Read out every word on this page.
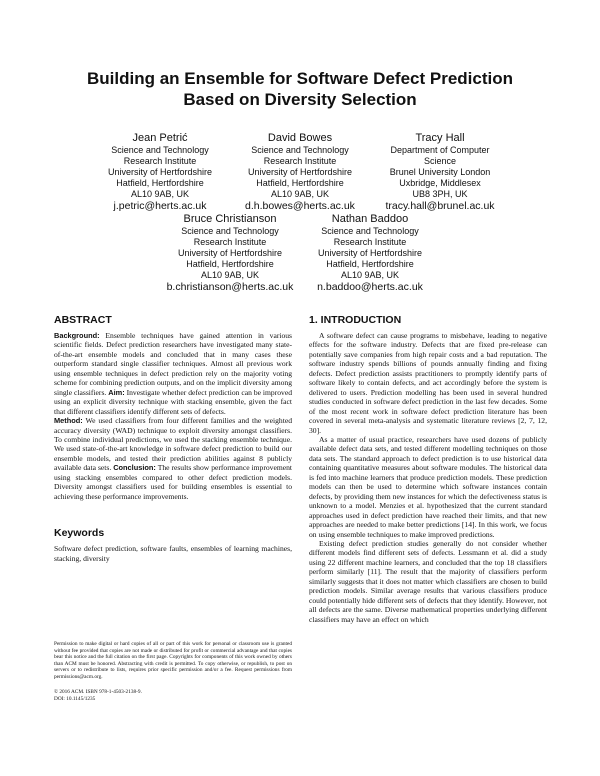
Building an Ensemble for Software Defect Prediction
Based on Diversity Selection
Jean Petrić
Science and Technology
Research Institute
University of Hertfordshire
Hatfield, Hertfordshire
AL10 9AB, UK
j.petric@herts.ac.uk
David Bowes
Science and Technology
Research Institute
University of Hertfordshire
Hatfield, Hertfordshire
AL10 9AB, UK
d.h.bowes@herts.ac.uk
Tracy Hall
Department of Computer
Science
Brunel University London
Uxbridge, Middlesex
UB8 3PH, UK
tracy.hall@brunel.ac.uk
Bruce Christianson
Science and Technology
Research Institute
University of Hertfordshire
Hatfield, Hertfordshire
AL10 9AB, UK
b.christianson@herts.ac.uk
Nathan Baddoo
Science and Technology
Research Institute
University of Hertfordshire
Hatfield, Hertfordshire
AL10 9AB, UK
n.baddoo@herts.ac.uk
ABSTRACT

Background: Ensemble techniques have gained attention in various scientific fields. Defect prediction researchers have investigated many state-of-the-art ensemble models and concluded that in many cases these outperform standard single classifier techniques. Almost all previous work using ensemble techniques in defect prediction rely on the majority voting scheme for combining prediction outputs, and on the implicit diversity among single classifiers. Aim: Investigate whether defect prediction can be improved using an explicit diversity technique with stacking ensemble, given the fact that different classifiers identify different sets of defects.
Method: We used classifiers from four different families and the weighted accuracy diversity (WAD) technique to exploit diversity amongst classifiers. To combine individual predictions, we used the stacking ensemble technique. We used state-of-the-art knowledge in software defect prediction to build our ensemble models, and tested their prediction abilities against 8 publicly available data sets. Conclusion: The results show performance improvement using stacking ensembles compared to other defect prediction models. Diversity amongst classifiers used for building ensembles is essential to achieving these performance improvements.

Keywords

Software defect prediction, software faults, ensembles of learning machines, stacking, diversity

Permission to make digital or hard copies of all or part of this work for personal or classroom use is granted without fee provided that copies are not made or distributed for profit or commercial advantage and that copies bear this notice and the full citation on the first page. Copyrights for components of this work owned by others than ACM must be honored. Abstracting with credit is permitted. To copy otherwise, or republish, to post on servers or to redistribute to lists, requires prior specific permission and/or a fee. Request permissions from permissions@acm.org.
© 2016 ACM. ISBN 978-1-4503-2138-9.
DOI: 10.1145/1235
1. INTRODUCTION

A software defect can cause programs to misbehave, leading to negative effects for the software industry. Defects that are fixed pre-release can potentially save companies from high repair costs and a bad reputation. The software industry spends billions of pounds annually finding and fixing defects. Defect prediction assists practitioners to promptly identify parts of software likely to contain defects, and act accordingly before the system is delivered to users. Prediction modelling has been used in several hundred studies conducted in software defect prediction in the last few decades. Some of the most recent work in software defect prediction literature has been covered in several meta-analysis and systematic literature reviews [2, 7, 12, 30].

As a matter of usual practice, researchers have used dozens of publicly available defect data sets, and tested different modelling techniques on those data sets. The standard approach to defect prediction is to use historical data containing quantitative measures about software modules. The historical data is fed into machine learners that produce prediction models. These prediction models can then be used to determine which software instances contain defects, by providing them new instances for which the defectiveness status is unknown to a model. Menzies et al. hypothesized that the current standard approaches used in defect prediction have reached their limits, and that new approaches are needed to make better predictions [14]. In this work, we focus on using ensemble techniques to make improved predictions.

Existing defect prediction studies generally do not consider whether different models find different sets of defects. Lessmann et al. did a study using 22 different machine learners, and concluded that the top 18 classifiers perform similarly [11]. The result that the majority of classifiers perform similarly suggests that it does not matter which classifiers are chosen to build prediction models. Similar average results that various classifiers produce could potentially hide different sets of defects that they identify. However, not all defects are the same. Diverse mathematical properties underlying different classifiers may have an effect on which
